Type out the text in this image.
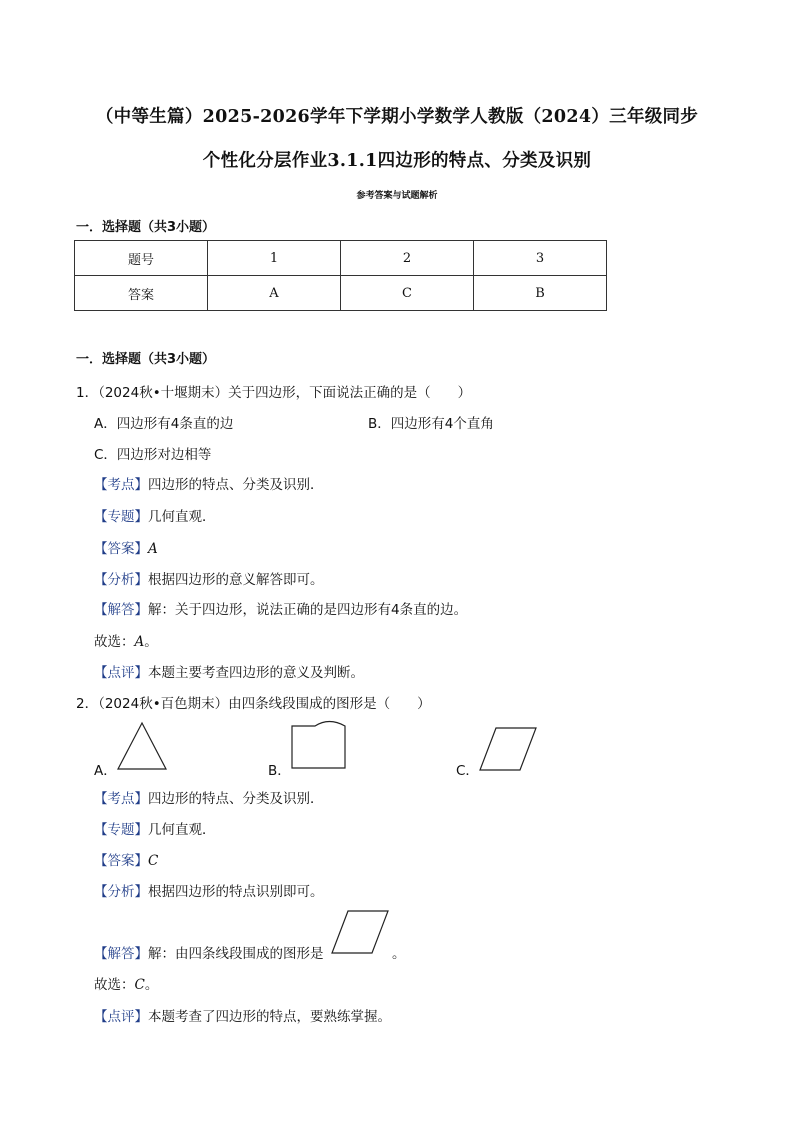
（中等生篇）2025-2026学年下学期小学数学人教版（2024）三年级同步
个性化分层作业3.1.1四边形的特点、分类及识别
参考答案与试题解析
一．选择题（共3小题）
题号	1	2	3
答案	A	C	B
一．选择题（共3小题）
1．（2024秋•十堰期末）关于四边形，下面说法正确的是（　　）
A．四边形有4条直的边	B．四边形有4个直角
C．四边形对边相等
【考点】四边形的特点、分类及识别．
【专题】几何直观．
【答案】A
【分析】根据四边形的意义解答即可。
【解答】解：关于四边形，说法正确的是四边形有4条直的边。
故选：A。
【点评】本题主要考查四边形的意义及判断。
2．（2024秋•百色期末）由四条线段围成的图形是（　　）
A．	B．	C．
【考点】四边形的特点、分类及识别．
【专题】几何直观．
【答案】C
【分析】根据四边形的特点识别即可。
【解答】解：由四条线段围成的图形是	。
故选：C。
【点评】本题考查了四边形的特点，要熟练掌握。
